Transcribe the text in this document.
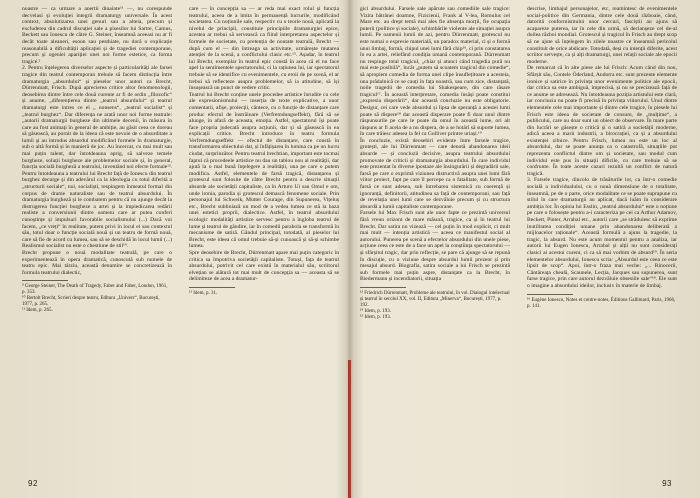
noastre — ca urmare a anertii dinainte¹¹ —, nu corespunde decvelasi și evoluției integrii dramaturgy universale. În acest context, absolutizarea unei genuri sau a alteia, precum și excluderea din cadrul discuției sale a pisesilor lui Sartre, Camus, Beckett sau Ionescu de către G. Steiner, înseamnă aceeasi nu ar fi decât toate aleaneri, esoon sau pesthiate, nu doră o explicație reasonabilă a dificultății aplicației și de tragediei contemporane, precum și ogeniei apariției unei noi forme estetice, ca forma tragicé.²
2. Pentru înțelegerea diverselor aspecte și particularități ale farsei tragice din teatrul contemporan trebuie să facem distincția între dramaturgia „absurdului“ și pieselor unor autori ca Brecht, Dürrenmatt, Frisch. După aprecierea critice altor fenomenologii, deosebirea dintre între cele două curente ar fi de ordin „filozofic“ și anume, „diferențierea dintre „teatrul absurdului“ și teatrul dramaturgi este intres ce el „ nonsens“, „teatrul socialist“ și „teatrul burghez“. Dar diferența ne arată unor noi forme teatrale: „autorii dramaturgii burgheze din ultimele decenii, în măsura în care au fost animați în general de ambiție, au găsit ceea ce doreau să găsească, au pornit de la ideea că este nevoie de o absurditate a lumii și au introdus absurdul modificând formele în dramaturgie, sub o altă formă și în manieră de joc. Au încercat, cu mai mult sau mai puțin talent, dar întotdeauna aprig, să salveze temele burgheze, soluții burgheze ale problemelor sociale și, în general, funcția socială burgheză a teatrului, inventând noi efecte formale¹³. Pentru întotdeauna a teatrului lui Brecht față de Ionescu din teatrul burghez decurge și din adevărul ca la ideologia cu totul diferită a „structurii sociale“, noi, socialiști, respingem înmeatul formal din corpus de drame naturaliste sau de teatrul absurdului. În dramaturgia burgheză și le combatem pentru că nu ajunge decât la distrugerea funcției burgheze a artei și la impiedicarea redării realiste a conversiunii dintre oameni care ar putea conferi cunoștințe și impulsuri favorabile socialismului (...) Dacă voi facem, „ce vreți“ în realitate, putem privi în locul ei sau contextul său, totul doar o funcție socială nouă și un teatru de formă nouă, care să fie de acord cu lumea, sau să se deschidă în locul lumii (...) Realismul socialist nu este o chestiune de stil¹⁴.
Brecht propune o nouă modalitate teatrală, pe care o experimentează în opera dramatică, cunoscută sub numele de teatru epic. Mai târziu, această denumire se concretizează în formula teatrului dialectic,

⁹ George Steiner, The Death of Tragedy, Faber and Faber, London, 1961, p. 353.
¹⁰ Bertolt Brecht, Scrieri despre teatru, Editura „Univers“, București, 1977, p. 265.
¹¹ Idem, p. 265.

care — în concepția sa — ar reda mai exact rolul și funcția teatrului, aceea de a imita în permanență lucrurile, modificând societatea. Cu noțiunile sale, respectiv cu o teorie nouă, aplicată la nivelul de principii, constituie principiile dramaturgiei epice, acestea ar trebui să servească ca fiind interpretarea aspectelor și formele de societate, cu pretenția de noutate teatrală, Brecht — după cum el — din întreaga sa activitate, urmărește mutarea atenției de la scenă, a conflictului clasic etc.¹⁵. Așadar, în teatrul lui Brecht, exemplar în teatrul epic constă în acea că el nu face apel la sentimentele spectatorului, ci la rațiunea lui, iar spectatorul trebuie să se identifice cu evenimentele, cu eroii de pe scenă, el ar trebui să reflecteze asupra problemelor, să ia atitudine, să își însușească un punct de vedere critic.
Teatrul lui Brecht conține unele procedee artistice înrudite cu cele ale expresionismului — inserția de texte explicative, a unor comentarii, afișe, proiecții, cântece, cu o funcție de distanțare care produc efectul de înstrăinare (Verfremdungseffekt), fără să se alunge, în afară de aceasta, emoția. Astfel, spectatorul își poate face propria judecată asupra acțiunii, dar și să găsească în ea explicații critice. Brecht introduce în teatru formula Verfremdungseffekt — efectul de distanțare, care constă în transformarea obiectului dat, și înfățișarea în lumina ca pe un lucru ciudat, surprinzător. Pentru teatrul brechtian, important este tocmai faptul că procedeele artistice nu dau un tablou nou al realității, dar ajută la o mai bună înțelegere a realității, una pe care o putem modifica. Astfel, elementele de farsă tragică, distanțarea și grotescul sunt folosite de către Brecht pentru a descrie situații absurde ale societății capitaliste, ca în Arturo Ui sau Omul e om, unde ironia, parodia și grotescul demască fenomene sociale. Prin personajul lui Schweik, Mutter Courage, din Supunerea, Vițeluș etc., Brecht subliniază un mod de a vedea lumea ce stă la baza unei estetici proprii, dialectice. Astfel, în teatrul absurdului ecologic modalități artistice servesc pentru a îngloba teatrul de lume și teatrul de gândire, iar în comedii parabola se transformă în mecanisme de satiră. Gândul principal, totodată, al pieselor lui Brecht, este ideea că omul trebuie să-și cunoască și să-și schimbe lumea.
Spre deosebire de Brecht, Dürrenmatt apare mai puțin categoric în critica sa împotriva societății capitaliste. Totuși, fața de teatrul absurdului, potrivit cel care există în materialul său, scriitorul elvețian se alătură tot mai mult de concepția sa — aceasta să se delimiteze de acea a dramatur-

¹² Idem, p. 31.

92

gici absurdului. Farsele sale apărute sau comediile sale tragice: Vizita bătrânei doamne, Fizicienii, Frank al V-lea, Romulus cel Mare etc. au drept temă mai ales fie absența morții, fie ocupația puterii (politice și sociale), schimbările violente ale situației asupra lumii. Pe oamenii lumii de azi, pentru Dürrenmatt, grotescul nu este numai o expresie materială, un paradox material, ci și o formă unui limbaj, formă, chipul unei lumi fără chip¹⁶, ci prin constatarea în ea a artei, reliefând condiția umană contemporană. Dürrenmatt nu respinge total tragicul, „chiar și atunci când tragedia pură nu mai este posibilă“, încât „putem să scoatem tragicul din comedie“, să apropiem comedia de forma unei clipe însuflețitoare a acesteia, una prădalnică ce se cauți în fața noastră, sau cum zice, distanțată, noile tragedii de comedia lui Shakespeare, din care răsare tragicul¹⁷. În această interpretare, comedia însăși poate constitui „expresia disperării“, dar această concluzie nu este obligatorie. Desigur, cei care vede absurdul și lipsa de speranță a acestei lumi poate să dispere¹⁸ dar această disperare poate fi doar unul dintre răspunsurile pe care le poate da omul în această lume, ori alt răspuns ar fi acela de a nu dispera, de a se hotărî să suporte lumea, în care trăiesc adesea la fel ca Gulliver printre uriași.¹⁹
În concluzie, există deosebiri evidente între farsele tragice, grotești, ale lui Dürrenmatt — care denotă abandonarea ideii absurde — și concluzii decisive, asupra teatrului absurdului promovate de criticii și dramaturgia absurdului. În care individul este prezentat în diverse ipostaze ale însingurării și degradării sale, farsă pe care o exprimă viziunea distructivă asupra unei lumi fără viitor proiect, fapt pe care îl percepe ca o fatalitate, sub formă de farsă ce sunt adesea, sub întrebarea sistemică cu coerență și ignoranță, definitorii, atitudinea sa față de contemporani, sau față de revelația unei lumi care se dezvăluie precum și cu structura absurdă a lumii capitaliste contemporane.
Farsele lui Max Frisch sunt ale unor fapte ce prezintă universul fără vreun orizont de mare măsură, tragice, ca și în teatrul lui Brecht. Dar satira nu vizează — cel puțin în mod explicit, ci mult mai mult — intenția artistică — aceea ce manifestul social al autorului. Punerea pe scenă a efectelor absurdului din unele piese, acțiune ceea ce este de a face un apel la conștiința spectatorului — și sfârșitul tragic, dar prin reflecție, se pare că ajunge să se repună în discuție, cu o viziune despre absurdul lumii prezent și prin mesajul absurd. Biografia, satira sociale a lui Frisch se prezintă sub formele mai puțin aspre, distanțate ca la Brecht, în Biedermann și incendiatorii, situația

¹³ Friedrich Dürrenmatt, Probleme ale teatrului, în vol. Dialogul intelectual și teatrul în secolul XX, vol. II, Editura „Minerva“, București, 1977, p. 192.
¹⁴ Idem, p. 193.
¹⁵ Idem, p. 193.

descrise, limbajul personajelor, etc, reamintesc de evenimentele social-politice din Germania, dintre cele două războaie, când, datorită conformismului unor cercuri, fasciștii au ajuns să acapareze puterea, iar în cele din urmă, să declanșeze cel de-al doilea război mondial. Grotescul și tragicul în Frisch au drept scop să ne ajute să înțelegem în zilele noastre ce înseamnă pericolul constituit de orice abdicare. Totodată, deși cu intenții diferite, acest scriitor servește, ca și alți dramaturgi, unei relații sociale ale epocii moderne.
De remarcat că în alte piese ale lui Frisch: Acum când din nou, Sfârșit său, Contele Öderland, Andorra etc. sunt prezente elemente ironice și satirice în privința unor evenimente politice ale epocii, dar critica sa este ambiguă, imprecisă, și nu se precizează față de ce anume se adresează. Nu întotdeauna poziția artistului este clară, iar concluzia nu poate fi precisă în privința viitorului. Unul dintre elementele cele mai importante și dintre cele tragice, în piesele lui Frisch este ideea de societate de consum, de „mulțime“, a publicului, care nu doar sunt un obiect de observare. În mare parte din lucrări se găsește o critică și o satiră a societății moderne, adică aceea a marii industrii, a birocrației, ca și a absurdului existenței zilnice. Pentru Frisch, lumea nu este un loc al absurdului, dar se poate anunța ca o catastrofă, situațiile pot reprezenta conflictul dintre om și societate, sau modul cum individul este pus în situații dificile, cu care trebuie să se confrunte. În toate aceste cazuri rezultă un conflict de natură tragică.
3. Farsele tragice, dincolo de trăsăturile lor, ca într-o comedie socială a individualului, cu o nouă dimensiune de o totalitate, înseamnă, pe de o parte, orice modalitate ce se poate suprapune cu stilul în care dramaturgii au aplicat, dacă luăm în considerare ambiția lor. În opinia lui Esslin, „teatrul absurdului“ este o noțiune pe care o folosește pentru a-i caracteriza pe cei ca Arthur Adamov, Beckett, Pinter, Arrabal etc., autorii care „se străduiesc să exprime inutilitatea condiției umane prin abandonarea deliberată a mijloacelor raționale“. Această formulă a ajuns la tragedie, la tragic, la absurd. Nu este acum momentul pentru a analiza, iar autorii lui Eugen Ionescu, Arrabal și alții nu sunt considerați clasici ai acestui curent, ci ca să mai vorbim de absurd¹⁹. În seria elementelor absurdului, Ionescu scria: „Absurdul este ceea ce este lipsit de scop“. Apoi, într-o fraza mai veche: „... Rinocerii, Cântăreața cheală, Scaunele, Lecția, Jacques sau supunerea, sunt farse tragice, prin care autorul dezvăluie obsesiile sale“¹⁸. Ele sunt o imagine a absurdului ideilor, inclusiv în materie de limbaj.

¹⁶ Eugène Ionesco, Notes et contre-notes, Éditions Gallimard, Paris, 1966, p. 141.

93
